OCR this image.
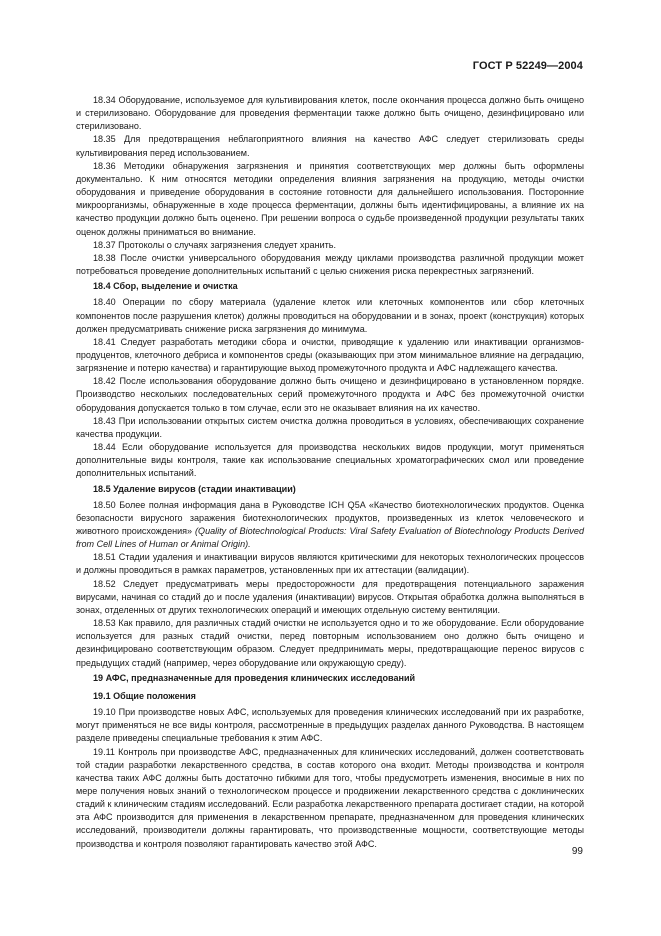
ГОСТ Р 52249—2004

18.34 Оборудование, используемое для культивирования клеток, после окончания процесса должно быть очищено и стерилизовано. Оборудование для проведения ферментации также должно быть очищено, дезинфицировано или стерилизовано.

18.35 Для предотвращения неблагоприятного влияния на качество АФС следует стерилизовать среды культивирования перед использованием.

18.36 Методики обнаружения загрязнения и принятия соответствующих мер должны быть оформлены документально. К ним относятся методики определения влияния загрязнения на продукцию, методы очистки оборудования и приведение оборудования в состояние готовности для дальнейшего использования. Посторонние микроорганизмы, обнаруженные в ходе процесса ферментации, должны быть идентифицированы, а влияние их на качество продукции должно быть оценено. При решении вопроса о судьбе произведенной продукции результаты таких оценок должны приниматься во внимание.

18.37 Протоколы о случаях загрязнения следует хранить.

18.38 После очистки универсального оборудования между циклами производства различной продукции может потребоваться проведение дополнительных испытаний с целью снижения риска перекрестных загрязнений.

18.4 Сбор, выделение и очистка

18.40 Операции по сбору материала (удаление клеток или клеточных компонентов или сбор клеточных компонентов после разрушения клеток) должны проводиться на оборудовании и в зонах, проект (конструкция) которых должен предусматривать снижение риска загрязнения до минимума.

18.41 Следует разработать методики сбора и очистки, приводящие к удалению или инактивации организмов-продуцентов, клеточного дебриса и компонентов среды (оказывающих при этом минимальное влияние на деградацию, загрязнение и потерю качества) и гарантирующие выход промежуточного продукта и АФС надлежащего качества.

18.42 После использования оборудование должно быть очищено и дезинфицировано в установленном порядке. Производство нескольких последовательных серий промежуточного продукта и АФС без промежуточной очистки оборудования допускается только в том случае, если это не оказывает влияния на их качество.

18.43 При использовании открытых систем очистка должна проводиться в условиях, обеспечивающих сохранение качества продукции.

18.44 Если оборудование используется для производства нескольких видов продукции, могут применяться дополнительные виды контроля, такие как использование специальных хроматографических смол или проведение дополнительных испытаний.

18.5 Удаление вирусов (стадии инактивации)

18.50 Более полная информация дана в Руководстве ICH Q5A «Качество биотехнологических продуктов. Оценка безопасности вирусного заражения биотехнологических продуктов, произведенных из клеток человеческого и животного происхождения» (Quality of Biotechnological Products: Viral Safety Evaluation of Biotechnology Products Derived from Cell Lines of Human or Animal Origin).

18.51 Стадии удаления и инактивации вирусов являются критическими для некоторых технологических процессов и должны проводиться в рамках параметров, установленных при их аттестации (валидации).

18.52 Следует предусматривать меры предосторожности для предотвращения потенциального заражения вирусами, начиная со стадий до и после удаления (инактивации) вирусов. Открытая обработка должна выполняться в зонах, отделенных от других технологических операций и имеющих отдельную систему вентиляции.

18.53 Как правило, для различных стадий очистки не используется одно и то же оборудование. Если оборудование используется для разных стадий очистки, перед повторным использованием оно должно быть очищено и дезинфицировано соответствующим образом. Следует предпринимать меры, предотвращающие перенос вирусов с предыдущих стадий (например, через оборудование или окружающую среду).

19 АФС, предназначенные для проведения клинических исследований
19.1 Общие положения

19.10 При производстве новых АФС, используемых для проведения клинических исследований при их разработке, могут применяться не все виды контроля, рассмотренные в предыдущих разделах данного Руководства. В настоящем разделе приведены специальные требования к этим АФС.

19.11 Контроль при производстве АФС, предназначенных для клинических исследований, должен соответствовать той стадии разработки лекарственного средства, в состав которого она входит. Методы производства и контроля качества таких АФС должны быть достаточно гибкими для того, чтобы предусмотреть изменения, вносимые в них по мере получения новых знаний о технологическом процессе и продвижении лекарственного средства с доклинических стадий к клиническим стадиям исследований. Если разработка лекарственного препарата достигает стадии, на которой эта АФС производится для применения в лекарственном препарате, предназначенном для проведения клинических исследований, производители должны гарантировать, что производственные мощности, соответствующие методы производства и контроля позволяют гарантировать качество этой АФС.

99
